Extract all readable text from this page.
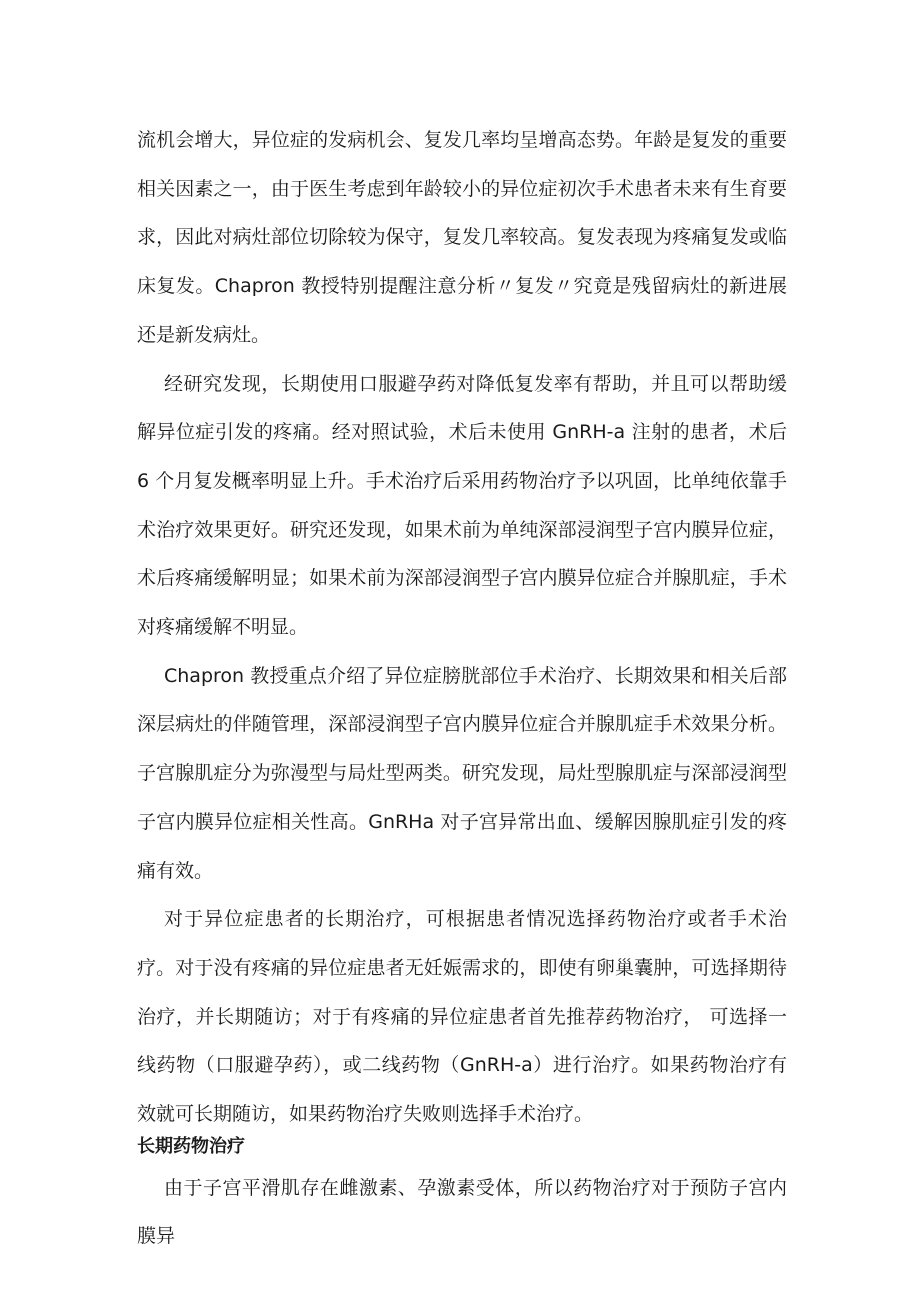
流机会增大，异位症的发病机会、复发几率均呈增高态势。年龄是复发的重要相关因素之一，由于医生考虑到年龄较小的异位症初次手术患者未来有生育要求，因此对病灶部位切除较为保守，复发几率较高。复发表现为疼痛复发或临床复发。Chapron 教授特别提醒注意分析〃复发〃究竟是残留病灶的新进展还是新发病灶。

经研究发现，长期使用口服避孕药对降低复发率有帮助，并且可以帮助缓解异位症引发的疼痛。经对照试验，术后未使用 GnRH-a 注射的患者，术后 6 个月复发概率明显上升。手术治疗后采用药物治疗予以巩固，比单纯依靠手术治疗效果更好。研究还发现，如果术前为单纯深部浸润型子宫内膜异位症，术后疼痛缓解明显；如果术前为深部浸润型子宫内膜异位症合并腺肌症，手术对疼痛缓解不明显。

Chapron 教授重点介绍了异位症膀胱部位手术治疗、长期效果和相关后部深层病灶的伴随管理，深部浸润型子宫内膜异位症合并腺肌症手术效果分析。子宫腺肌症分为弥漫型与局灶型两类。研究发现，局灶型腺肌症与深部浸润型子宫内膜异位症相关性高。GnRHa 对子宫异常出血、缓解因腺肌症引发的疼痛有效。

对于异位症患者的长期治疗，可根据患者情况选择药物治疗或者手术治疗。对于没有疼痛的异位症患者无妊娠需求的，即使有卵巢囊肿，可选择期待治疗，并长期随访；对于有疼痛的异位症患者首先推荐药物治疗， 可选择一线药物（口服避孕药），或二线药物（GnRH-a）进行治疗。如果药物治疗有效就可长期随访，如果药物治疗失败则选择手术治疗。

长期药物治疗

由于子宫平滑肌存在雌激素、孕激素受体，所以药物治疗对于预防子宫内膜异
